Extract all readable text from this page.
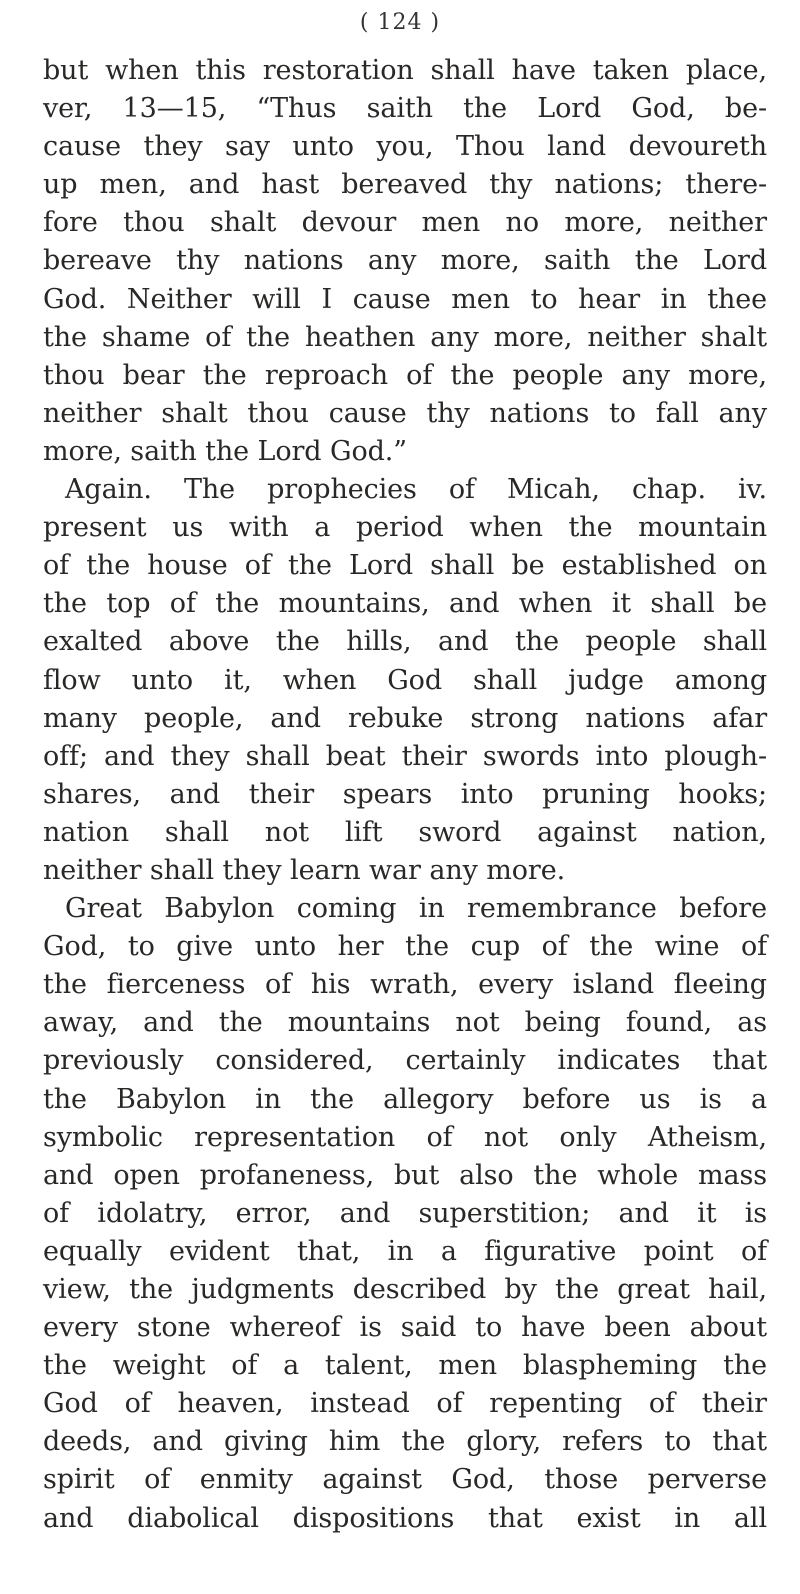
( 124 )
but when this restoration shall have taken place,
ver, 13—15, “Thus saith the Lord God, be-
cause they say unto you, Thou land devoureth
up men, and hast bereaved thy nations; there-
fore thou shalt devour men no more, neither
bereave thy nations any more, saith the Lord
God. Neither will I cause men to hear in thee
the shame of the heathen any more, neither shalt
thou bear the reproach of the people any more,
neither shalt thou cause thy nations to fall any
more, saith the Lord God.”
Again. The prophecies of Micah, chap. iv.
present us with a period when the mountain
of the house of the Lord shall be established on
the top of the mountains, and when it shall be
exalted above the hills, and the people shall
flow unto it, when God shall judge among
many people, and rebuke strong nations afar
off; and they shall beat their swords into plough-
shares, and their spears into pruning hooks;
nation shall not lift sword against nation,
neither shall they learn war any more.
Great Babylon coming in remembrance before
God, to give unto her the cup of the wine of
the fierceness of his wrath, every island fleeing
away, and the mountains not being found, as
previously considered, certainly indicates that
the Babylon in the allegory before us is a
symbolic representation of not only Atheism,
and open profaneness, but also the whole mass
of idolatry, error, and superstition; and it is
equally evident that, in a figurative point of
view, the judgments described by the great hail,
every stone whereof is said to have been about
the weight of a talent, men blaspheming the
God of heaven, instead of repenting of their
deeds, and giving him the glory, refers to that
spirit of enmity against God, those perverse
and diabolical dispositions that exist in all
